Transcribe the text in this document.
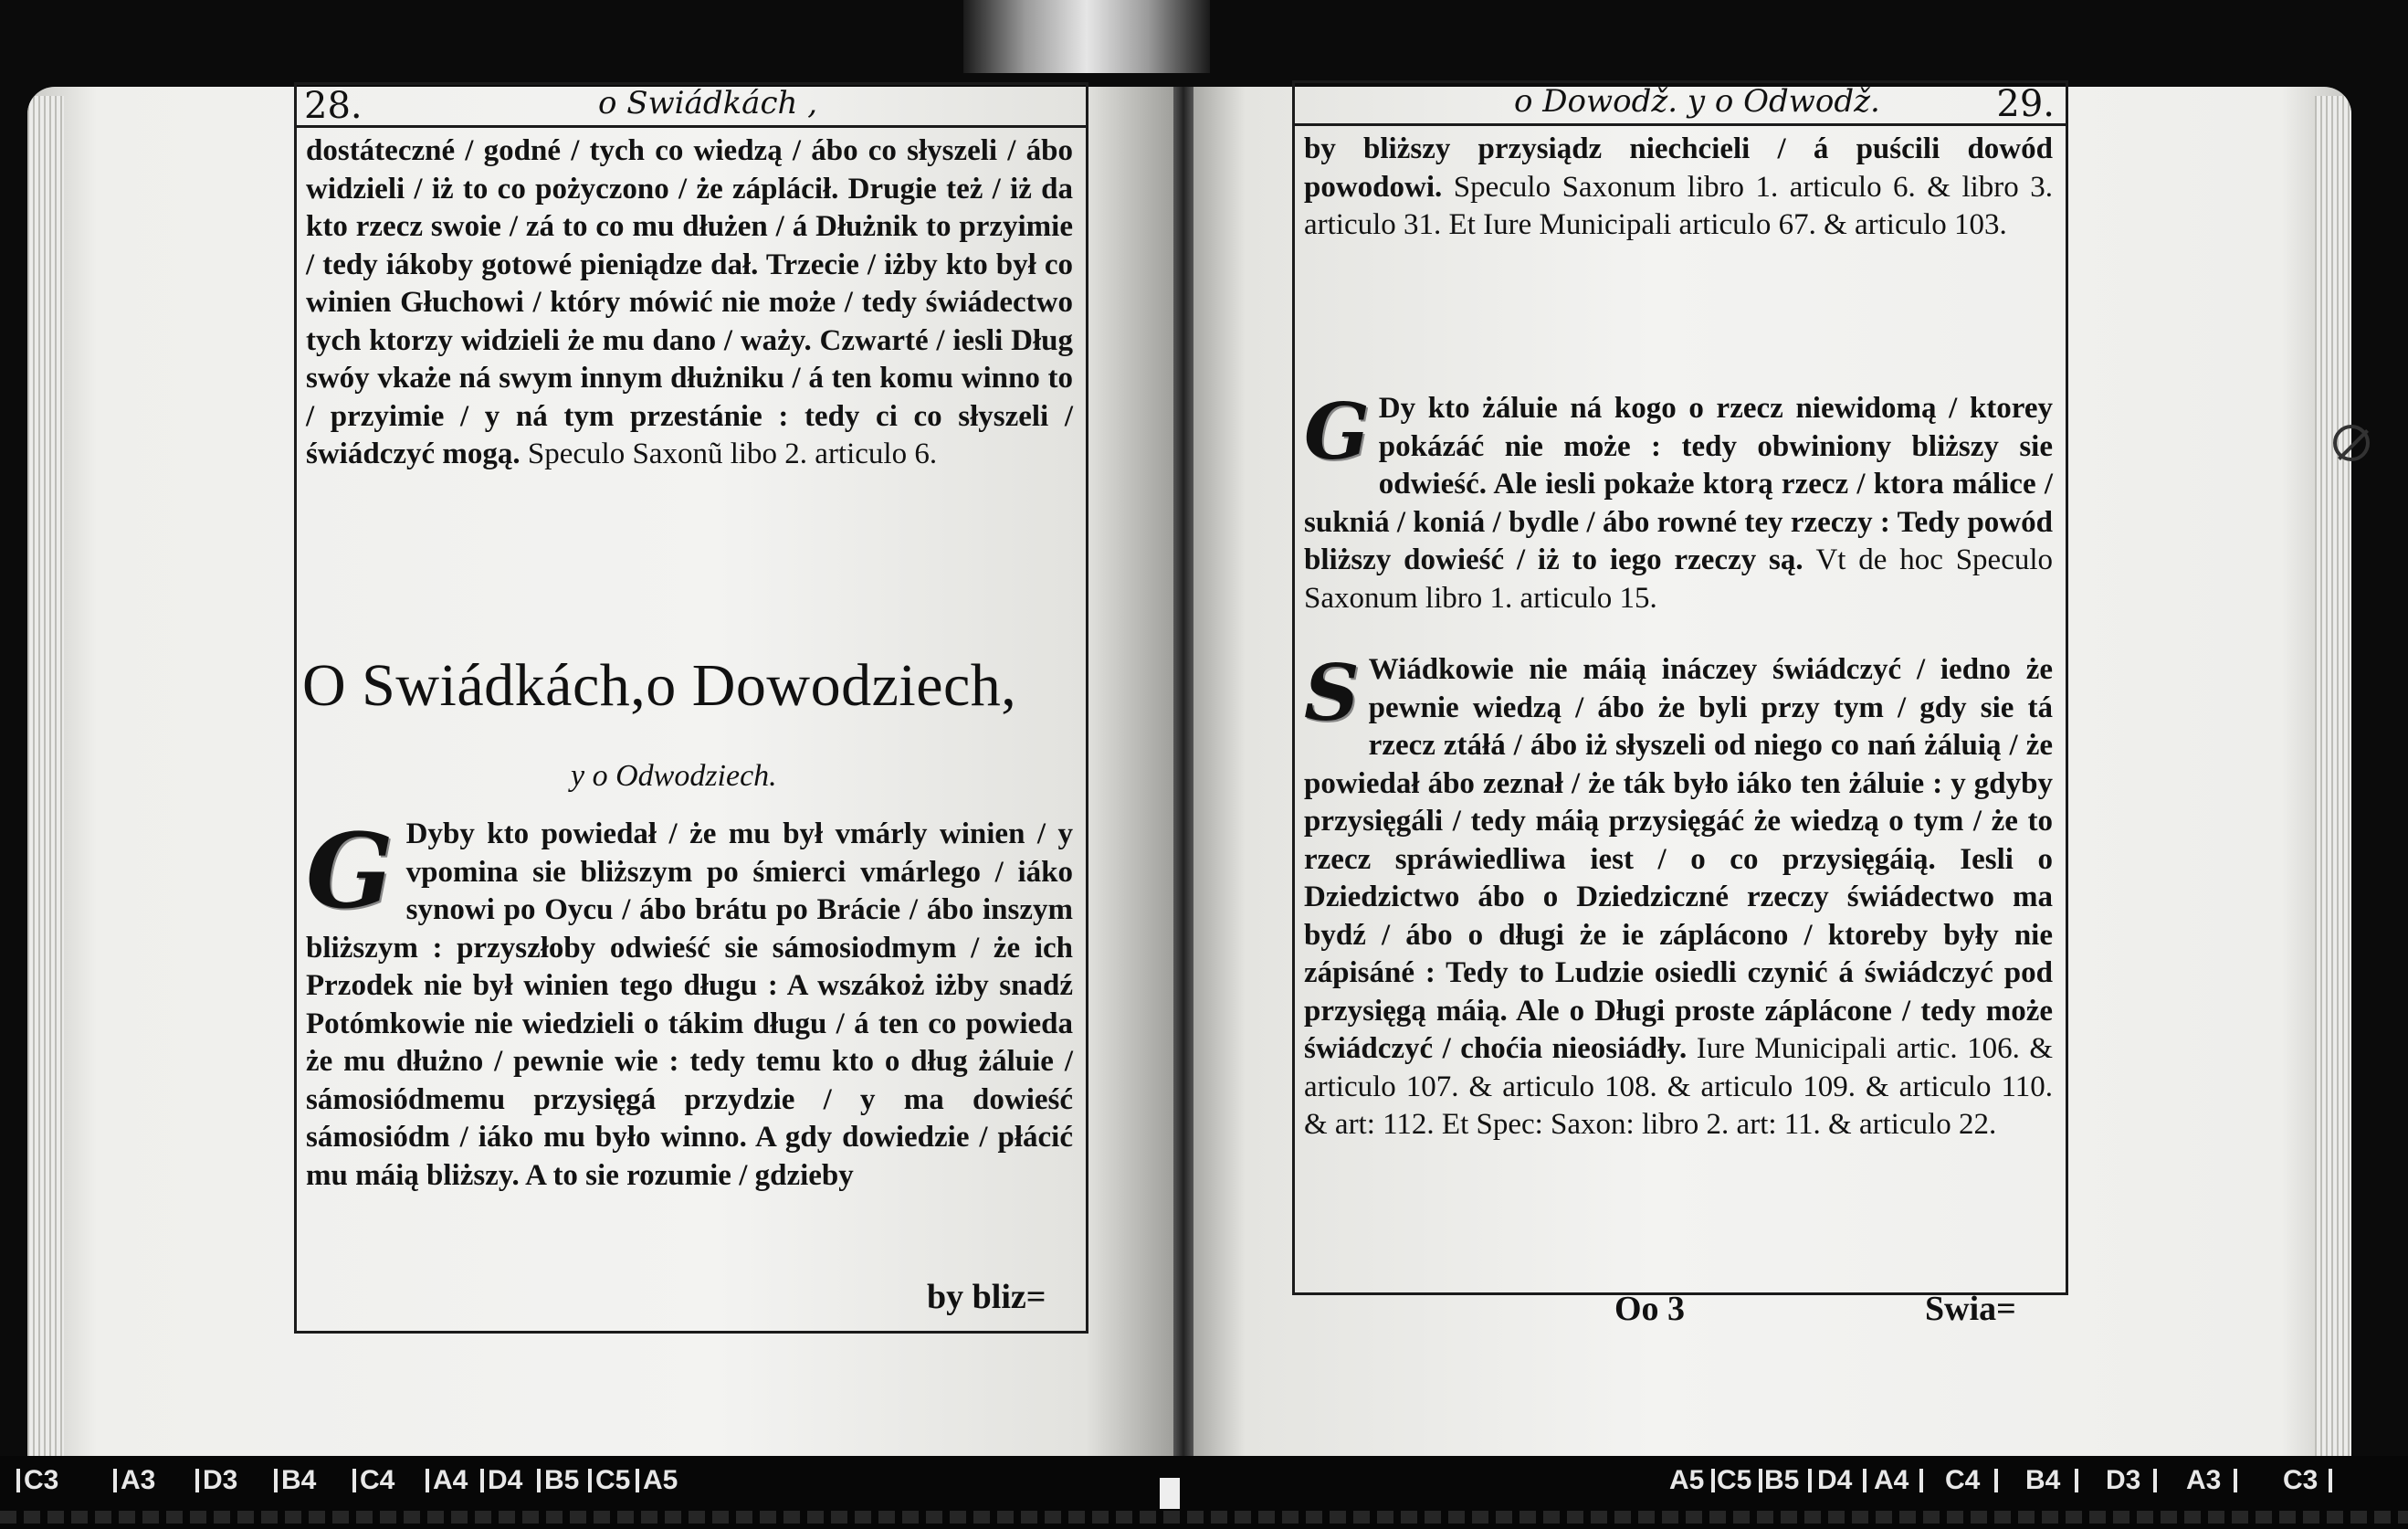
28.	o Swiádkách ,
dostáteczné / godné / tych co wiedzą / ábo co słyszeli / ábo widzieli / iż to co pożyczono / że záplácił. Drugie też / iż da kto rzecz swoie / zá to co mu dłużen / á Dłużnik to przyimie / tedy iákoby gotowé pieniądze dał. Trzecie / iżby kto był co winien Głuchowi / który mówić nie może / tedy świádectwo tych ktorzy widzieli że mu dano / waży. Czwarté / iesli Dług swóy vkaże ná swym innym dłużniku / á ten komu winno to / przyimie / y ná tym przestánie : tedy ci co słyszeli / świádczyć mogą. Speculo Saxonũ libo 2. articulo 6.
O Swiádkách,o Dowodziech,
y o Odwodziech.
G Dyby kto powiedał / że mu był vmárly winien / y vpomina sie bliższym po śmierci vmárlego / iáko synowi po Oycu / ábo brátu po Brácie / ábo inszym bliższym : przyszłoby odwieść sie sámosiodmym / że ich Przodek nie był winien tego długu : A wszákoż iżby snadź Potómkowie nie wiedzieli o tákim długu / á ten co powieda że mu dłużno / pewnie wie : tedy temu kto o dług żáluie / sámosiódmemu przysięgá przydzie / y ma dowieść sámosiódm / iáko mu było winno. A gdy dowiedzie / płácić mu máią bliższy. A to sie rozumie / gdzieby
by bliz=
o Dowodž. y o Odwodž.	29.
by bliższy przysiądz niechcieli / á puścili dowód powodowi. Speculo Saxonum libro 1. articulo 6. & libro 3. articulo 31. Et Iure Municipali articulo 67. & articulo 103.
G Dy kto żáluie ná kogo o rzecz niewidomą / ktorey pokázáć nie może : tedy obwiniony bliższy sie odwieść. Ale iesli pokaże ktorą rzecz / ktora málice / sukniá / koniá / bydle / ábo rowné tey rzeczy : Tedy powód bliższy dowieść / iż to iego rzeczy są. Vt de hoc Speculo Saxonum libro 1. articulo 15.
S Wiádkowie nie máią ináczey świádczyć / iedno że pewnie wiedzą / ábo że byli przy tym / gdy sie tá rzecz ztáłá / ábo iż słyszeli od niego co nań żáluią / że powiedał ábo zeznał / że ták było iáko ten żáluie : y gdyby przysięgáli / tedy máią przysięgáć że wiedzą o tym / że to rzecz spráwiedliwa iest / o co przysięgáią. Iesli o Dziedzictwo ábo o Dziedziczné rzeczy świádectwo ma bydź / ábo o długi że ie záplácono / ktoreby były nie zápisáné : Tedy to Ludzie osiedli czynić á świádczyć pod przysięgą máią. Ale o Długi proste záplácone / tedy może świádczyć / choćia nieosiádły. Iure Municipali artic. 106. & articulo 107. & articulo 108. & articulo 109. & articulo 110. & art: 112. Et Spec: Saxon: libro 2. art: 11. & articulo 22.
Oo 3	Swia=
C3 A3 D3 B4 C4 A4 D4 B5 C5 A5	A5 C5 B5 D4 A4 C4 B4 D3 A3 C3
